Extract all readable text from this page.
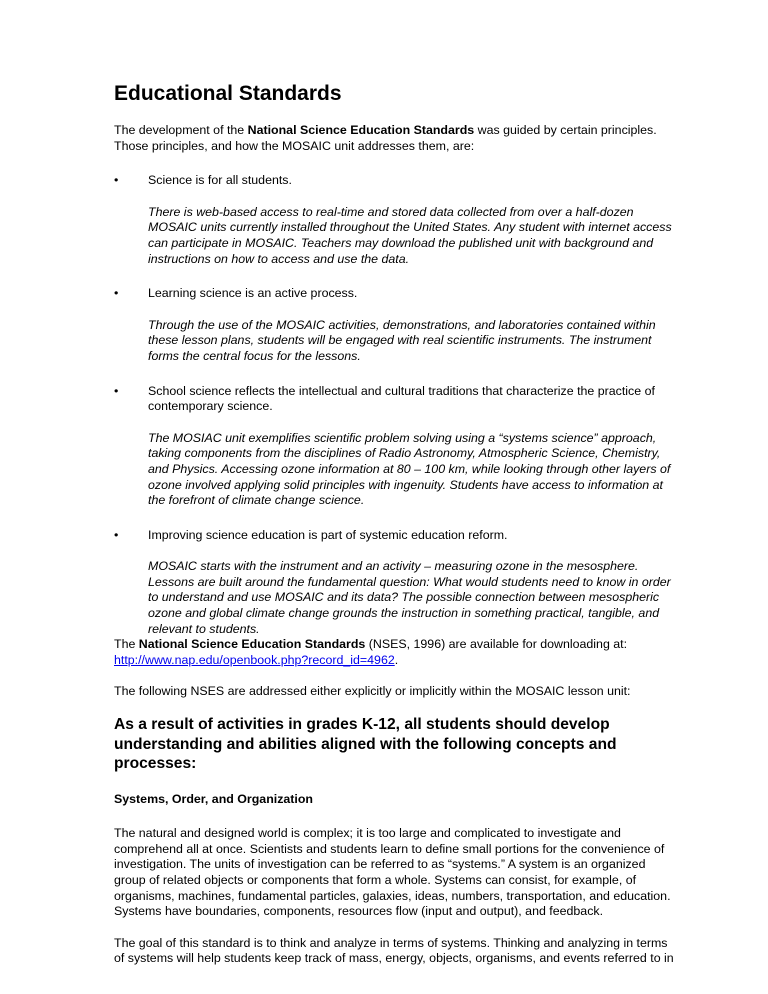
Educational Standards

The development of the National Science Education Standards was guided by certain principles. Those principles, and how the MOSAIC unit addresses them, are:

• Science is for all students.

There is web-based access to real-time and stored data collected from over a half-dozen MOSAIC units currently installed throughout the United States. Any student with internet access can participate in MOSAIC. Teachers may download the published unit with background and instructions on how to access and use the data.

• Learning science is an active process.

Through the use of the MOSAIC activities, demonstrations, and laboratories contained within these lesson plans, students will be engaged with real scientific instruments. The instrument forms the central focus for the lessons.

• School science reflects the intellectual and cultural traditions that characterize the practice of contemporary science.

The MOSIAC unit exemplifies scientific problem solving using a “systems science” approach, taking components from the disciplines of Radio Astronomy, Atmospheric Science, Chemistry, and Physics. Accessing ozone information at 80 – 100 km, while looking through other layers of ozone involved applying solid principles with ingenuity. Students have access to information at the forefront of climate change science.

• Improving science education is part of systemic education reform.

MOSAIC starts with the instrument and an activity – measuring ozone in the mesosphere. Lessons are built around the fundamental question: What would students need to know in order to understand and use MOSAIC and its data? The possible connection between mesospheric ozone and global climate change grounds the instruction in something practical, tangible, and relevant to students.

The National Science Education Standards (NSES, 1996) are available for downloading at:
http://www.nap.edu/openbook.php?record_id=4962.

The following NSES are addressed either explicitly or implicitly within the MOSAIC lesson unit:

As a result of activities in grades K-12, all students should develop understanding and abilities aligned with the following concepts and processes:
Systems, Order, and Organization

The natural and designed world is complex; it is too large and complicated to investigate and comprehend all at once. Scientists and students learn to define small portions for the convenience of investigation. The units of investigation can be referred to as “systems.” A system is an organized group of related objects or components that form a whole. Systems can consist, for example, of organisms, machines, fundamental particles, galaxies, ideas, numbers, transportation, and education. Systems have boundaries, components, resources flow (input and output), and feedback.

The goal of this standard is to think and analyze in terms of systems. Thinking and analyzing in terms of systems will help students keep track of mass, energy, objects, organisms, and events referred to in
